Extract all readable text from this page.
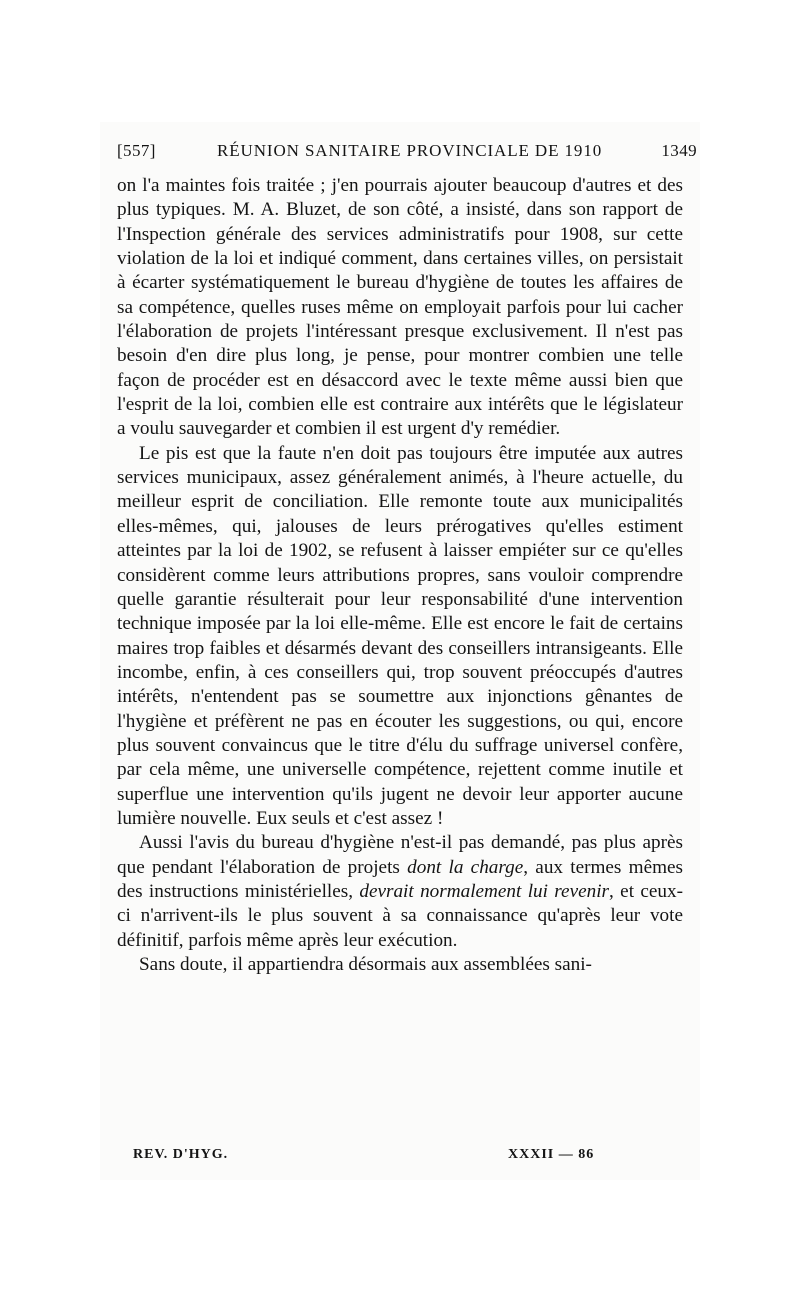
[557]	RÉUNION SANITAIRE PROVINCIALE DE 1910	1349

on l'a maintes fois traitée ; j'en pourrais ajouter beaucoup d'autres et des plus typiques. M. A. Bluzet, de son côté, a insisté, dans son rapport de l'Inspection générale des services administratifs pour 1908, sur cette violation de la loi et indiqué comment, dans certaines villes, on persistait à écarter systématiquement le bureau d'hygiène de toutes les affaires de sa compétence, quelles ruses même on employait parfois pour lui cacher l'élaboration de projets l'intéressant presque exclusivement. Il n'est pas besoin d'en dire plus long, je pense, pour montrer combien une telle façon de procéder est en désaccord avec le texte même aussi bien que l'esprit de la loi, combien elle est contraire aux intérêts que le législateur a voulu sauvegarder et combien il est urgent d'y remédier.

Le pis est que la faute n'en doit pas toujours être imputée aux autres services municipaux, assez généralement animés, à l'heure actuelle, du meilleur esprit de conciliation. Elle remonte toute aux municipalités elles-mêmes, qui, jalouses de leurs prérogatives qu'elles estiment atteintes par la loi de 1902, se refusent à laisser empiéter sur ce qu'elles considèrent comme leurs attributions propres, sans vouloir comprendre quelle garantie résulterait pour leur responsabilité d'une intervention technique imposée par la loi elle-même. Elle est encore le fait de certains maires trop faibles et désarmés devant des conseillers intransigeants. Elle incombe, enfin, à ces conseillers qui, trop souvent préoccupés d'autres intérêts, n'entendent pas se soumettre aux injonctions gênantes de l'hygiène et préfèrent ne pas en écouter les suggestions, ou qui, encore plus souvent convaincus que le titre d'élu du suffrage universel confère, par cela même, une universelle compétence, rejettent comme inutile et superflue une intervention qu'ils jugent ne devoir leur apporter aucune lumière nouvelle. Eux seuls et c'est assez !

Aussi l'avis du bureau d'hygiène n'est-il pas demandé, pas plus après que pendant l'élaboration de projets dont la charge, aux termes mêmes des instructions ministérielles, devrait normalement lui revenir, et ceux-ci n'arrivent-ils le plus souvent à sa connaissance qu'après leur vote définitif, parfois même après leur exécution.

Sans doute, il appartiendra désormais aux assemblées sani-

REV. D'HYG.	XXXII — 86
